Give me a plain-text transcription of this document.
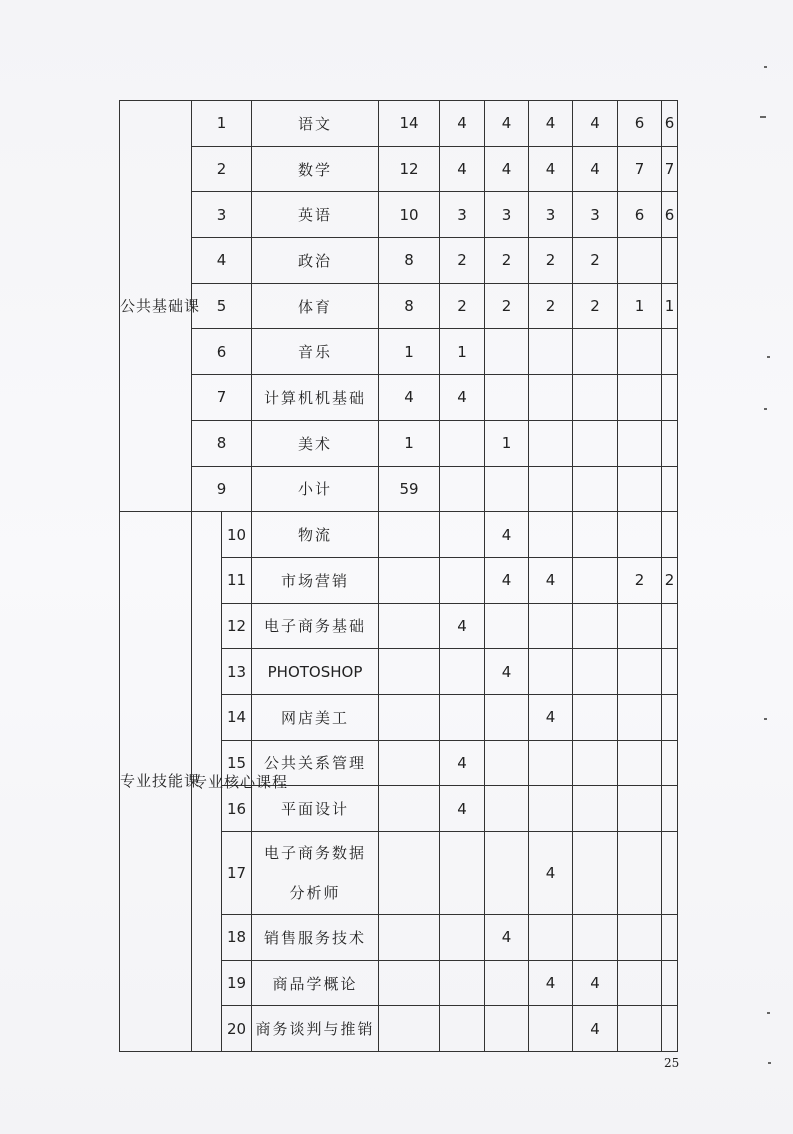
公共基础课	1		语文	14	4	4	4	4	6	6
	2		数学	12	4	4	4	4	7	7
	3		英语	10	3	3	3	3	6	6
	4		政治	8	2	2	2	2		
	5		体育	8	2	2	2	2	1	1
	6		音乐	1	1					
	7		计算机机基础	4	4					
	8		美术	1		1				
	9		小计	59						
专业技能课	专业核心课程	10	物流			4				
		11	市场营销			4	4		2	2
		12	电子商务基础		4					
		13	PHOTOSHOP			4				
		14	网店美工				4			
		15	公共关系管理		4					
		16	平面设计		4					
		17	电子商务数据分析师				4			
		18	销售服务技术			4				
		19	商品学概论				4	4		
		20	商务谈判与推销					4		
25
